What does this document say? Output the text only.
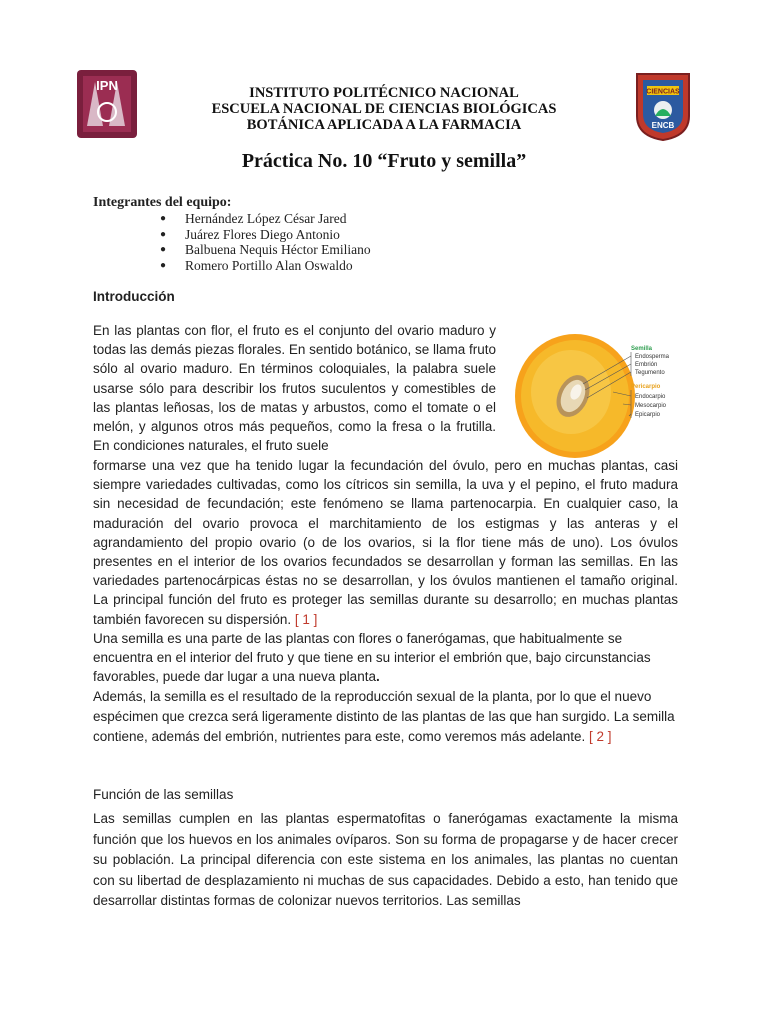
IPN	CIENCIAS
ENCB
INSTITUTO POLITÉCNICO NACIONAL
ESCUELA NACIONAL DE CIENCIAS BIOLÓGICAS
BOTÁNICA APLICADA A LA FARMACIA
Práctica No. 10 “Fruto y semilla”
Integrantes del equipo:
● Hernández López César Jared
● Juárez Flores Diego Antonio
● Balbuena Nequis Héctor Emiliano
● Romero Portillo Alan Oswaldo
Introducción
En las plantas con flor, el fruto es el conjunto del ovario maduro y todas las demás piezas florales. En sentido botánico, se llama fruto sólo al ovario maduro. En términos coloquiales, la palabra suele usarse sólo para describir los frutos suculentos y comestibles de las plantas leñosas, los de matas y arbustos, como el tomate o el melón, y algunos otros más pequeños, como la fresa o la frutilla. En condiciones naturales, el fruto suele
Semilla
Endosperma
Embrión
Tegumento
Pericarpio
Endocarpio
Mesocarpio
Epicarpio
formarse una vez que ha tenido lugar la fecundación del óvulo, pero en muchas plantas, casi siempre variedades cultivadas, como los cítricos sin semilla, la uva y el pepino, el fruto madura sin necesidad de fecundación; este fenómeno se llama partenocarpia. En cualquier caso, la maduración del ovario provoca el marchitamiento de los estigmas y las anteras y el agrandamiento del propio ovario (o de los ovarios, si la flor tiene más de uno). Los óvulos presentes en el interior de los ovarios fecundados se desarrollan y forman las semillas. En las variedades partenocárpicas éstas no se desarrollan, y los óvulos mantienen el tamaño original. La principal función del fruto es proteger las semillas durante su desarrollo; en muchas plantas también favorecen su dispersión. [ 1 ]
Una semilla es una parte de las plantas con flores o fanerógamas, que habitualmente se encuentra en el interior del fruto y que tiene en su interior el embrión que, bajo circunstancias favorables, puede dar lugar a una nueva planta.
Además, la semilla es el resultado de la reproducción sexual de la planta, por lo que el nuevo espécimen que crezca será ligeramente distinto de las plantas de las que han surgido. La semilla contiene, además del embrión, nutrientes para este, como veremos más adelante. [ 2 ]
Función de las semillas
Las semillas cumplen en las plantas espermatofitas o fanerógamas exactamente la misma función que los huevos en los animales ovíparos. Son su forma de propagarse y de hacer crecer su población. La principal diferencia con este sistema en los animales, las plantas no cuentan con su libertad de desplazamiento ni muchas de sus capacidades. Debido a esto, han tenido que desarrollar distintas formas de colonizar nuevos territorios. Las semillas
